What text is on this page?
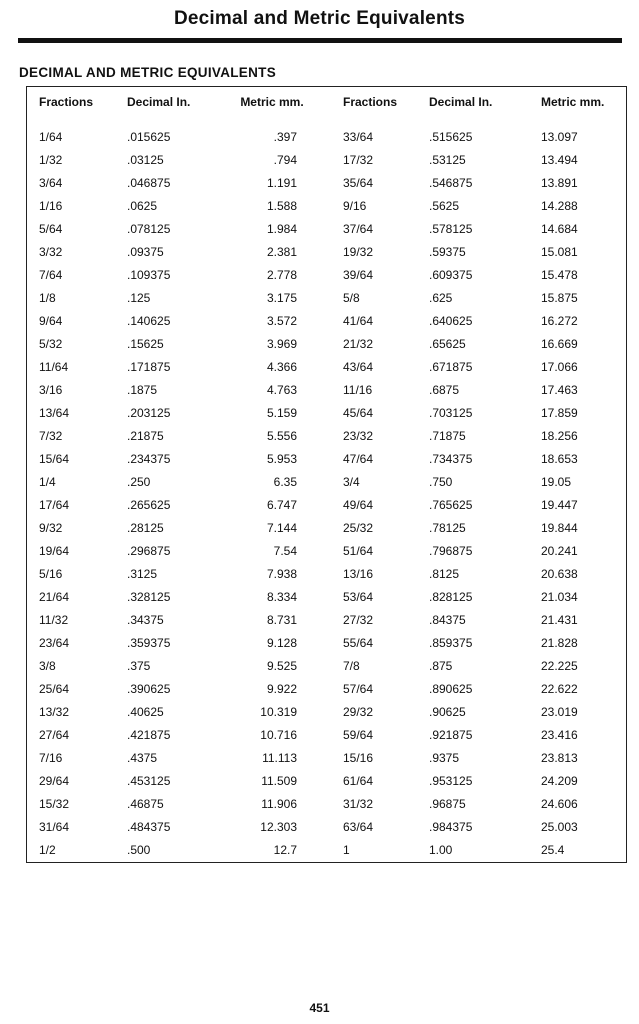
Decimal and Metric Equivalents
DECIMAL AND METRIC EQUIVALENTS
Fractions	Decimal In.	Metric mm.	Fractions	Decimal In.	Metric mm.

1/64	.015625	.397	33/64	.515625	13.097
1/32	.03125	.794	17/32	.53125	13.494
3/64	.046875	1.191	35/64	.546875	13.891
1/16	.0625	1.588	9/16	.5625	14.288
5/64	.078125	1.984	37/64	.578125	14.684
3/32	.09375	2.381	19/32	.59375	15.081
7/64	.109375	2.778	39/64	.609375	15.478
1/8	.125	3.175	5/8	.625	15.875
9/64	.140625	3.572	41/64	.640625	16.272
5/32	.15625	3.969	21/32	.65625	16.669
11/64	.171875	4.366	43/64	.671875	17.066
3/16	.1875	4.763	11/16	.6875	17.463
13/64	.203125	5.159	45/64	.703125	17.859
7/32	.21875	5.556	23/32	.71875	18.256
15/64	.234375	5.953	47/64	.734375	18.653
1/4	.250	6.35	3/4	.750	19.05
17/64	.265625	6.747	49/64	.765625	19.447
9/32	.28125	7.144	25/32	.78125	19.844
19/64	.296875	7.54	51/64	.796875	20.241
5/16	.3125	7.938	13/16	.8125	20.638
21/64	.328125	8.334	53/64	.828125	21.034
11/32	.34375	8.731	27/32	.84375	21.431
23/64	.359375	9.128	55/64	.859375	21.828
3/8	.375	9.525	7/8	.875	22.225
25/64	.390625	9.922	57/64	.890625	22.622
13/32	.40625	10.319	29/32	.90625	23.019
27/64	.421875	10.716	59/64	.921875	23.416
7/16	.4375	11.113	15/16	.9375	23.813
29/64	.453125	11.509	61/64	.953125	24.209
15/32	.46875	11.906	31/32	.96875	24.606
31/64	.484375	12.303	63/64	.984375	25.003
1/2	.500	12.7	1	1.00	25.4
451
